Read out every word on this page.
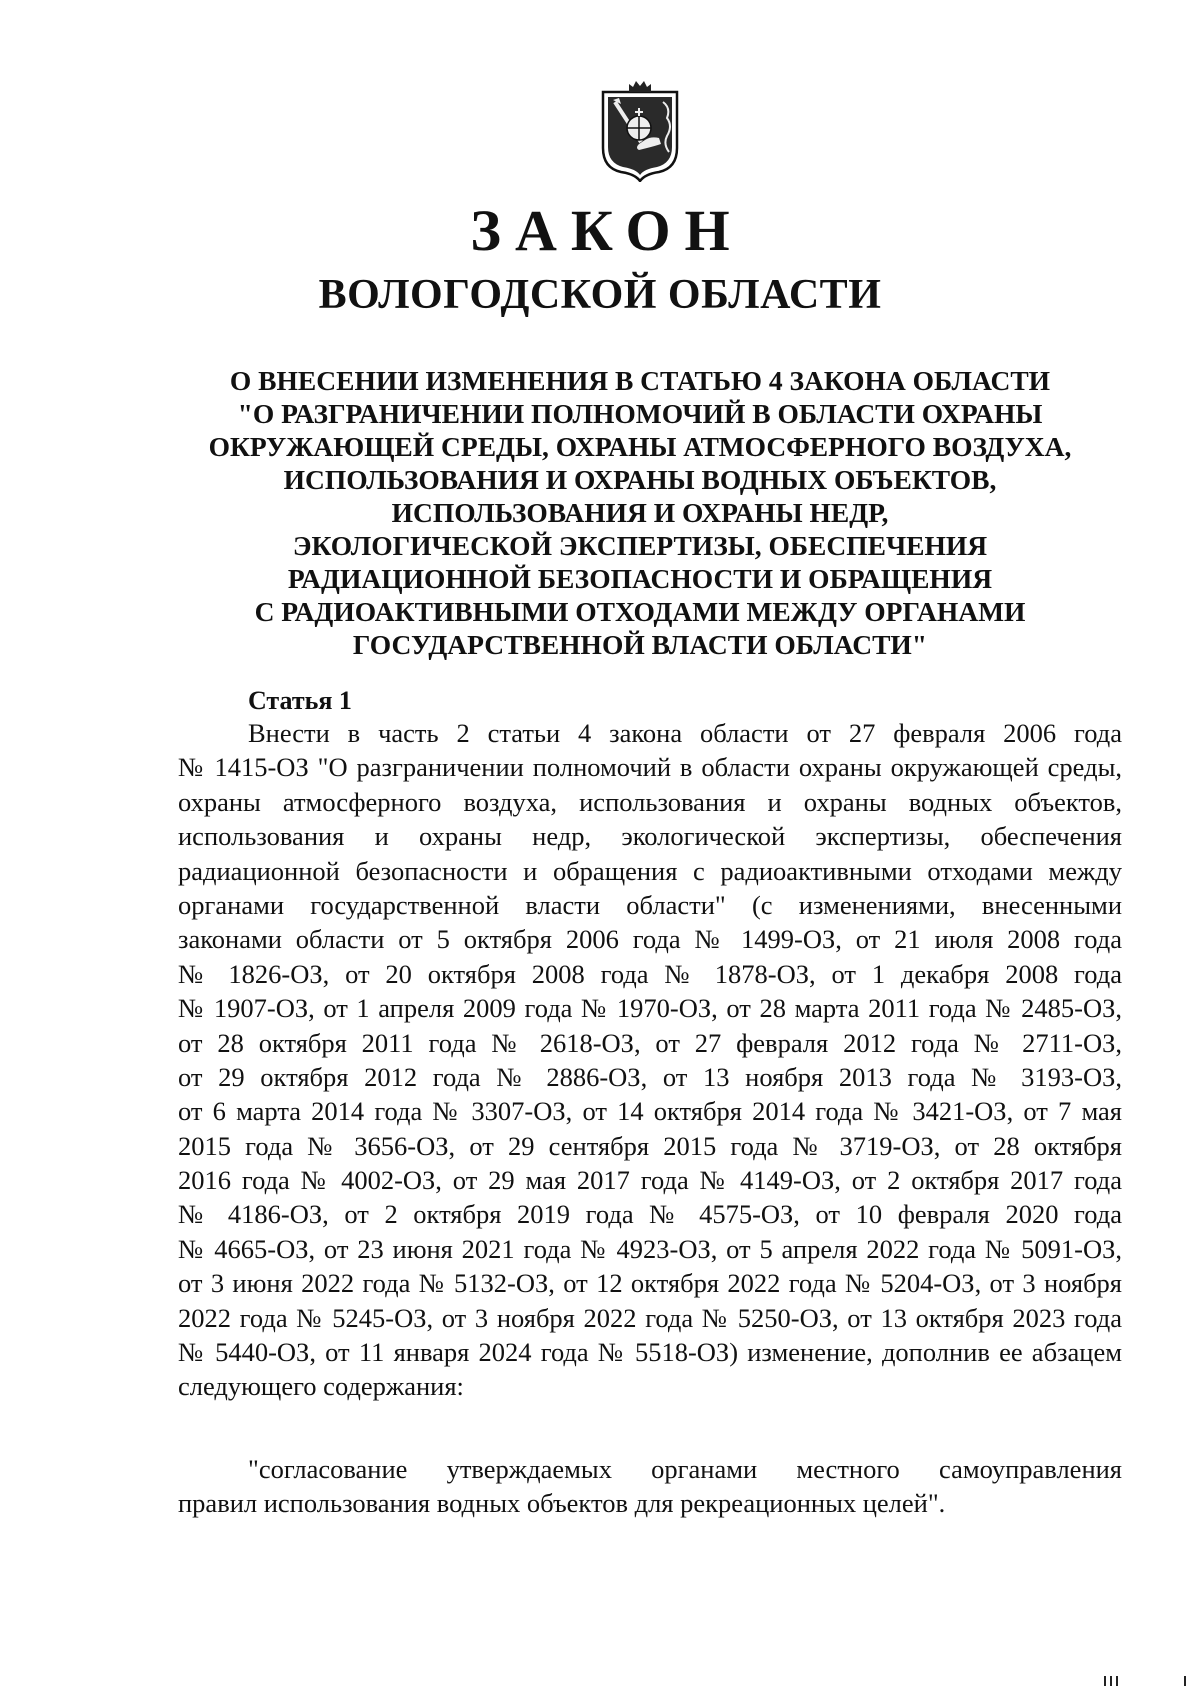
ЗАКОН
ВОЛОГОДСКОЙ ОБЛАСТИ
О ВНЕСЕНИИ ИЗМЕНЕНИЯ В СТАТЬЮ 4 ЗАКОНА ОБЛАСТИ
"О РАЗГРАНИЧЕНИИ ПОЛНОМОЧИЙ В ОБЛАСТИ ОХРАНЫ
ОКРУЖАЮЩЕЙ СРЕДЫ, ОХРАНЫ АТМОСФЕРНОГО ВОЗДУХА,
ИСПОЛЬЗОВАНИЯ И ОХРАНЫ ВОДНЫХ ОБЪЕКТОВ,
ИСПОЛЬЗОВАНИЯ И ОХРАНЫ НЕДР,
ЭКОЛОГИЧЕСКОЙ ЭКСПЕРТИЗЫ, ОБЕСПЕЧЕНИЯ
РАДИАЦИОННОЙ БЕЗОПАСНОСТИ И ОБРАЩЕНИЯ
С РАДИОАКТИВНЫМИ ОТХОДАМИ МЕЖДУ ОРГАНАМИ
ГОСУДАРСТВЕННОЙ ВЛАСТИ ОБЛАСТИ"
Статья 1
Внести в часть 2 статьи 4 закона области от 27 февраля 2006 года
№ 1415-ОЗ "О разграничении полномочий в области охраны окружающей среды,
охраны атмосферного воздуха, использования и охраны водных объектов,
использования и охраны недр, экологической экспертизы, обеспечения
радиационной безопасности и обращения с радиоактивными отходами между
органами государственной власти области" (с изменениями, внесенными
законами области от 5 октября 2006 года № 1499-ОЗ, от 21 июля 2008 года
№ 1826-ОЗ, от 20 октября 2008 года № 1878-ОЗ, от 1 декабря 2008 года
№ 1907-ОЗ, от 1 апреля 2009 года № 1970-ОЗ, от 28 марта 2011 года № 2485-ОЗ,
от 28 октября 2011 года № 2618-ОЗ, от 27 февраля 2012 года № 2711-ОЗ,
от 29 октября 2012 года № 2886-ОЗ, от 13 ноября 2013 года № 3193-ОЗ,
от 6 марта 2014 года № 3307-ОЗ, от 14 октября 2014 года № 3421-ОЗ, от 7 мая
2015 года № 3656-ОЗ, от 29 сентября 2015 года № 3719-ОЗ, от 28 октября
2016 года № 4002-ОЗ, от 29 мая 2017 года № 4149-ОЗ, от 2 октября 2017 года
№ 4186-ОЗ, от 2 октября 2019 года № 4575-ОЗ, от 10 февраля 2020 года
№ 4665-ОЗ, от 23 июня 2021 года № 4923-ОЗ, от 5 апреля 2022 года № 5091-ОЗ,
от 3 июня 2022 года № 5132-ОЗ, от 12 октября 2022 года № 5204-ОЗ, от 3 ноября
2022 года № 5245-ОЗ, от 3 ноября 2022 года № 5250-ОЗ, от 13 октября 2023 года
№ 5440-ОЗ, от 11 января 2024 года № 5518-ОЗ) изменение, дополнив ее абзацем
следующего содержания:
"согласование утверждаемых органами местного самоуправления
правил использования водных объектов для рекреационных целей".
